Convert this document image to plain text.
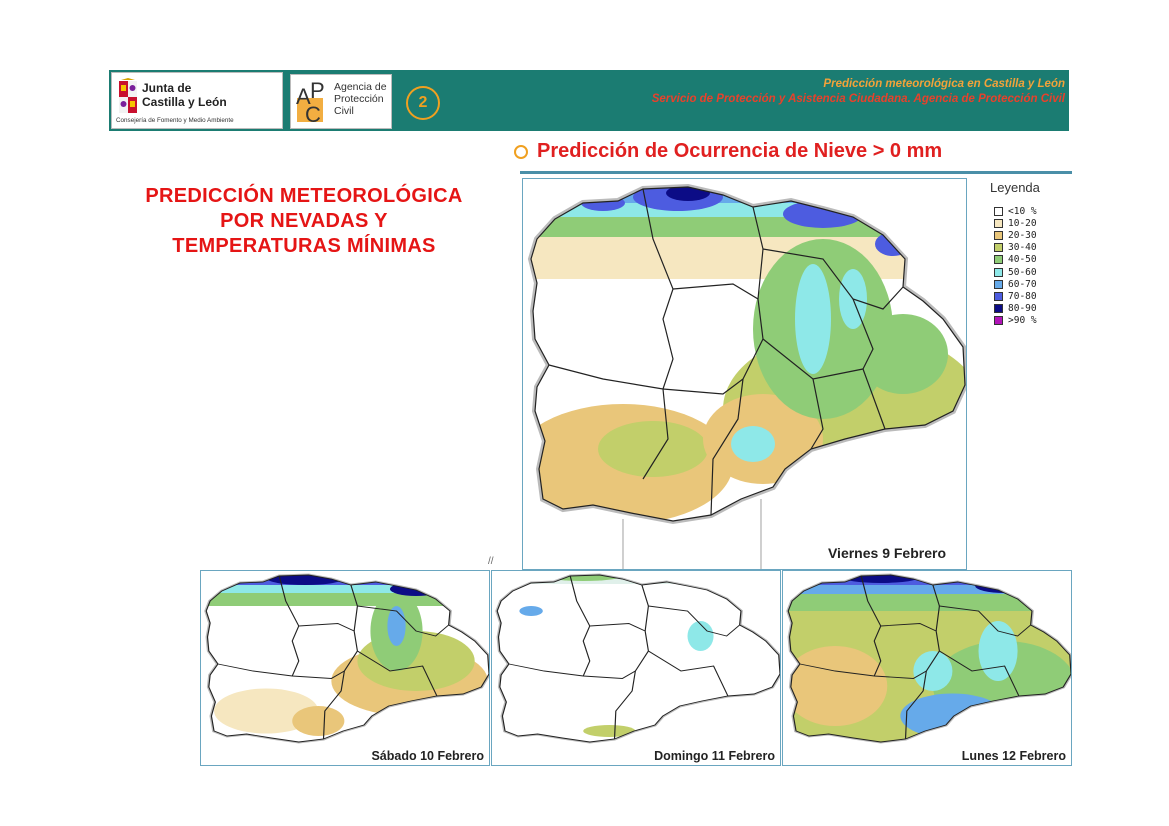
Junta de
Castilla y León
Consejería de Fomento y Medio Ambiente
A P
C
Agencia de
Protección
Civil	2
Predicción meteorológica en Castilla y León
Servicio de Protección y Asistencia Ciudadana. Agencia de Protección Civil
Predicción de Ocurrencia de Nieve > 0 mm
PREDICCIÓN METEOROLÓGICA
POR NEVADAS Y
TEMPERATURAS MÍNIMAS
Viernes 9 Febrero
Leyenda
<10 %
10-20
20-30
30-40
40-50
50-60
60-70
70-80
80-90
>90 %
//
Sábado 10 Febrero	Domingo 11 Febrero	Lunes 12 Febrero
